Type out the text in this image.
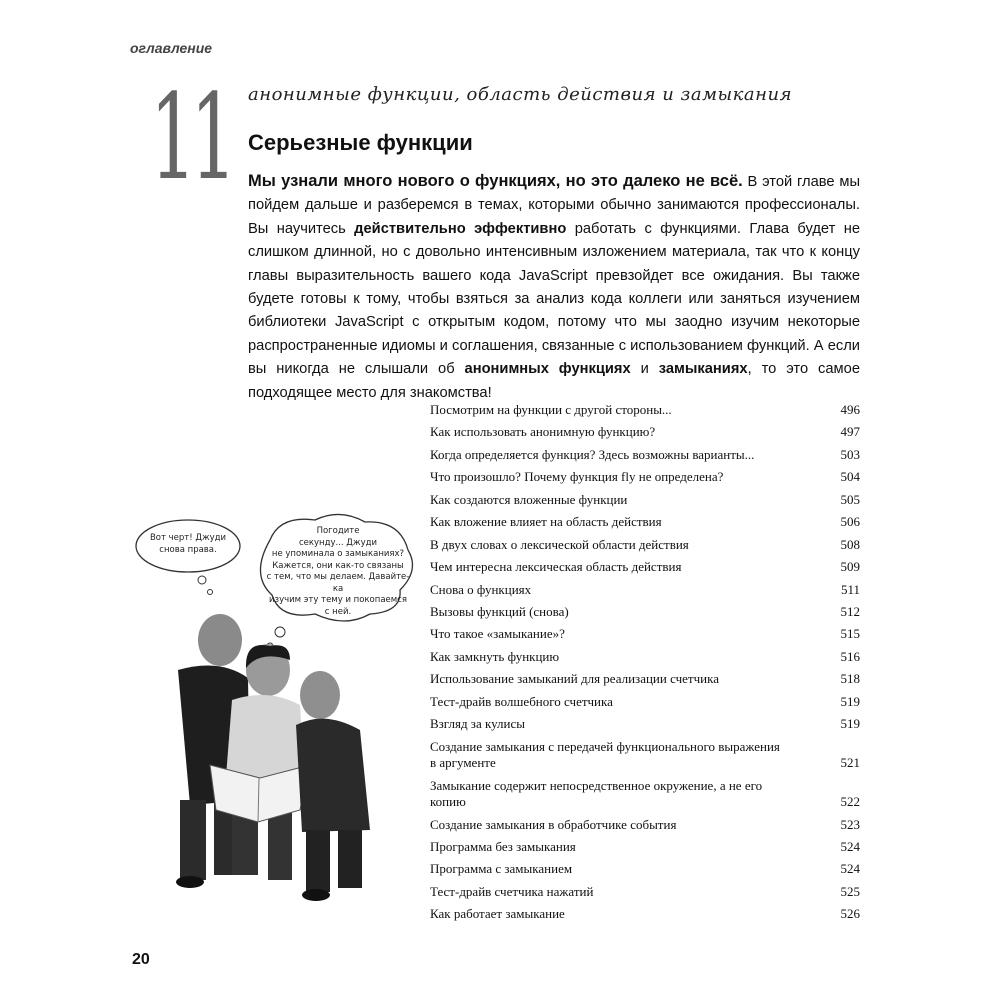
оглавление
11 анонимные функции, область действия и замыкания
Серьезные функции
Мы узнали много нового о функциях, но это далеко не всё. В этой главе мы пойдем дальше и разберемся в темах, которыми обычно занимаются профессионалы. Вы научитесь действительно эффективно работать с функциями. Глава будет не слишком длинной, но с довольно интенсивным изложением материала, так что к концу главы выразительность вашего кода JavaScript превзойдет все ожидания. Вы также будете готовы к тому, чтобы взяться за анализ кода коллеги или заняться изучением библиотеки JavaScript с открытым кодом, потому что мы заодно изучим некоторые распространенные идиомы и соглашения, связанные с использованием функций. А если вы никогда не слышали об анонимных функциях и замыканиях, то это самое подходящее место для знакомства!
Вот черт! Джуди
снова права.
Погодите
секунду... Джуди
не упоминала о замыканиях?
Кажется, они как-то связаны
с тем, что мы делаем. Давайте-ка
изучим эту тему и покопаемся
с ней.
Посмотрим на функции с другой стороны...	496
Как использовать анонимную функцию?	497
Когда определяется функция? Здесь возможны варианты...	503
Что произошло? Почему функция fly не определена?	504
Как создаются вложенные функции	505
Как вложение влияет на область действия	506
В двух словах о лексической области действия	508
Чем интересна лексическая область действия	509
Снова о функциях	511
Вызовы функций (снова)	512
Что такое «замыкание»?	515
Как замкнуть функцию	516
Использование замыканий для реализации счетчика	518
Тест-драйв волшебного счетчика	519
Взгляд за кулисы	519
Создание замыкания с передачей функционального выражения в аргументе	521
Замыкание содержит непосредственное окружение, а не его копию	522
Создание замыкания в обработчике события	523
Программа без замыкания	524
Программа с замыканием	524
Тест-драйв счетчика нажатий	525
Как работает замыкание	526
20
